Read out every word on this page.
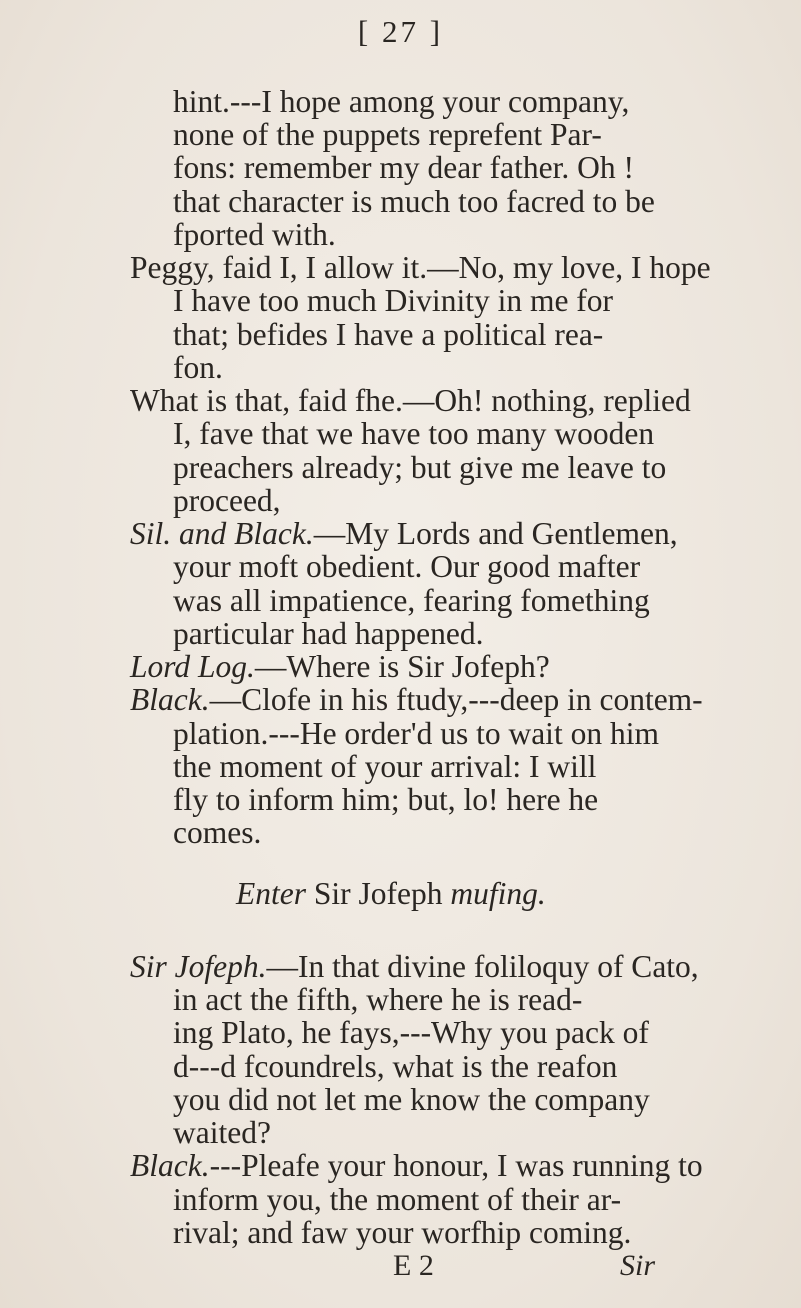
[ 27 ]
hint.---I hope among your company,
none of the puppets reprefent Par-
fons: remember my dear father. Oh !
that character is much too facred to be
fported with.
Peggy, faid I, I allow it.—No, my love, I hope
I have too much Divinity in me for
that; befides I have a political rea-
fon.
What is that, faid fhe.—Oh! nothing, replied
I, fave that we have too many wooden
preachers already; but give me leave to
proceed,
Sil. and Black.—My Lords and Gentlemen,
your moft obedient. Our good mafter
was all impatience, fearing fomething
particular had happened.
Lord Log.—Where is Sir Jofeph?
Black.—Clofe in his ftudy,---deep in contem-
plation.---He order'd us to wait on him
the moment of your arrival: I will
fly to inform him; but, lo! here he
comes.
Enter Sir Jofeph mufing.
Sir Jofeph.—In that divine foliloquy of Cato,
in act the fifth, where he is read-
ing Plato, he fays,---Why you pack of
d---d fcoundrels, what is the reafon
you did not let me know the company
waited?
Black.---Pleafe your honour, I was running to
inform you, the moment of their ar-
rival; and faw your worfhip coming.
E 2	Sir
